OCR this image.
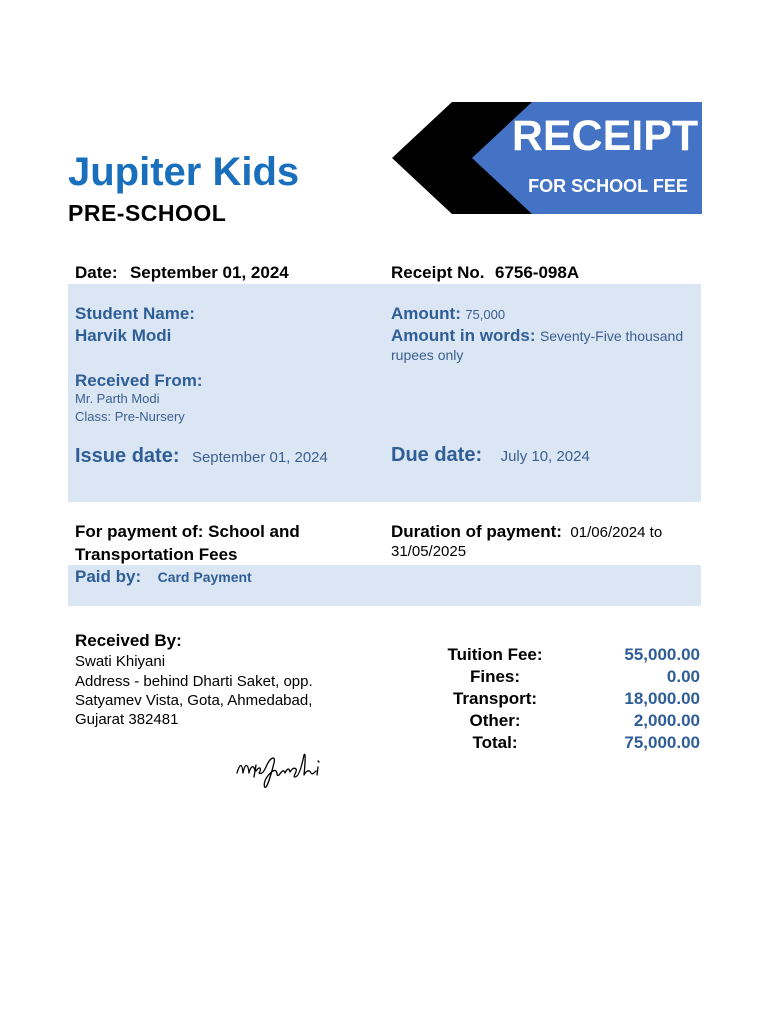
Jupiter Kids
PRE-SCHOOL
RECEIPT
FOR SCHOOL FEE
Date: September 01, 2024	Receipt No. 6756-098A
Student Name:
Harvik Modi
Received From:
Mr. Parth Modi
Class: Pre-Nursery
Amount: 75,000
Amount in words: Seventy-Five thousand
rupees only
Issue date: September 01, 2024	Due date: July 10, 2024
For payment of: School and
Transportation Fees
Duration of payment: 01/06/2024 to
31/05/2025
Paid by: Card Payment
Received By:
Swati Khiyani
Address - behind Dharti Saket, opp.
Satyamev Vista, Gota, Ahmedabad,
Gujarat 382481
Tuition Fee:	55,000.00
Fines:	0.00
Transport:	18,000.00
Other:	2,000.00
Total:	75,000.00
